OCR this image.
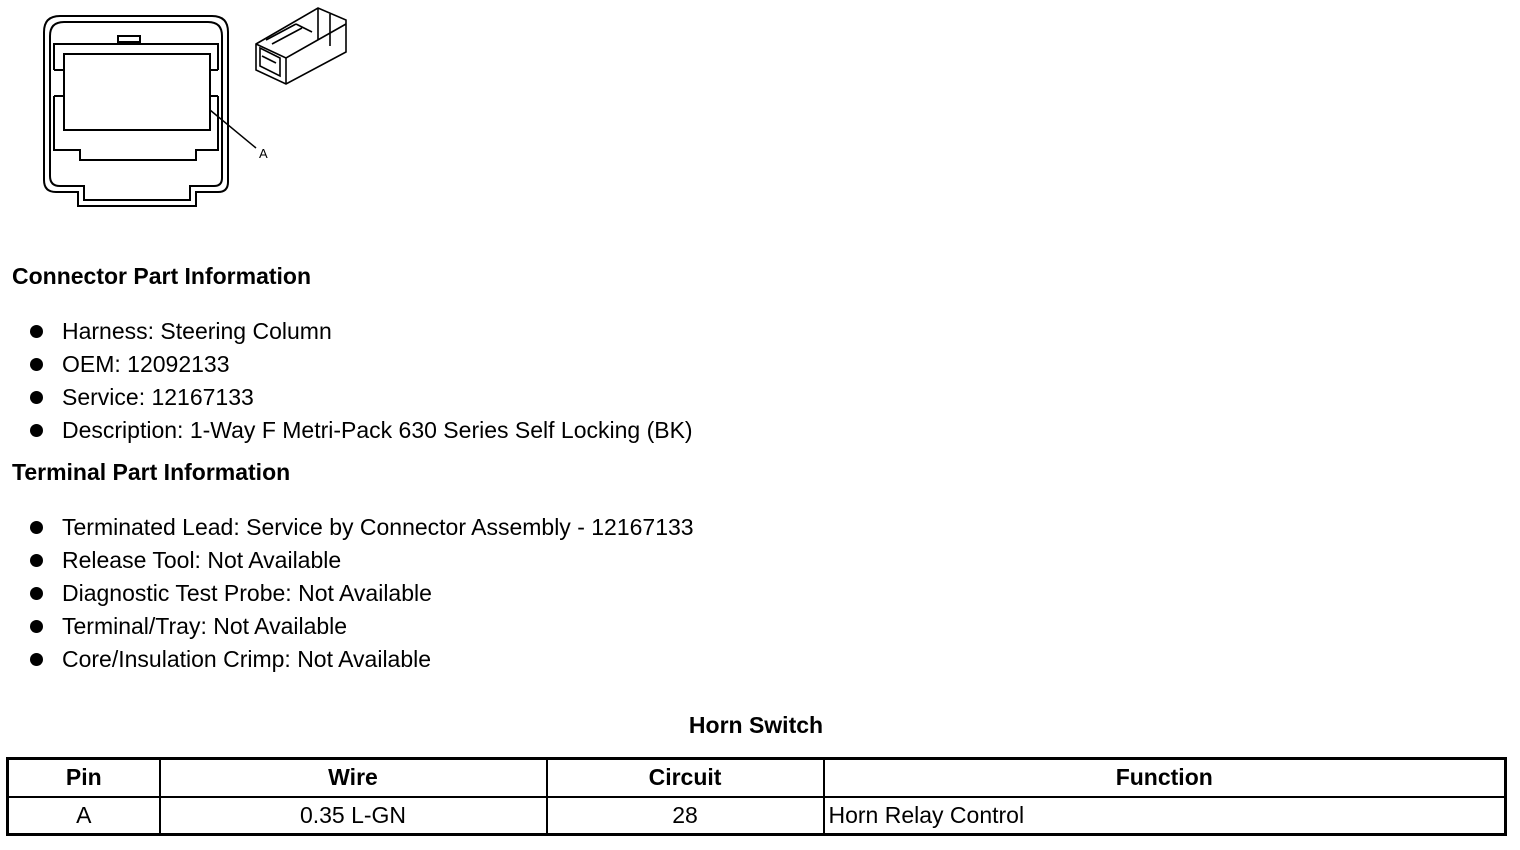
A
Connector Part Information
Harness: Steering Column
OEM: 12092133
Service: 12167133
Description: 1-Way F Metri-Pack 630 Series Self Locking (BK)
Terminal Part Information
Terminated Lead: Service by Connector Assembly - 12167133
Release Tool: Not Available
Diagnostic Test Probe: Not Available
Terminal/Tray: Not Available
Core/Insulation Crimp: Not Available
Horn Switch
Pin	Wire	Circuit	Function
A	0.35 L-GN	28	Horn Relay Control
